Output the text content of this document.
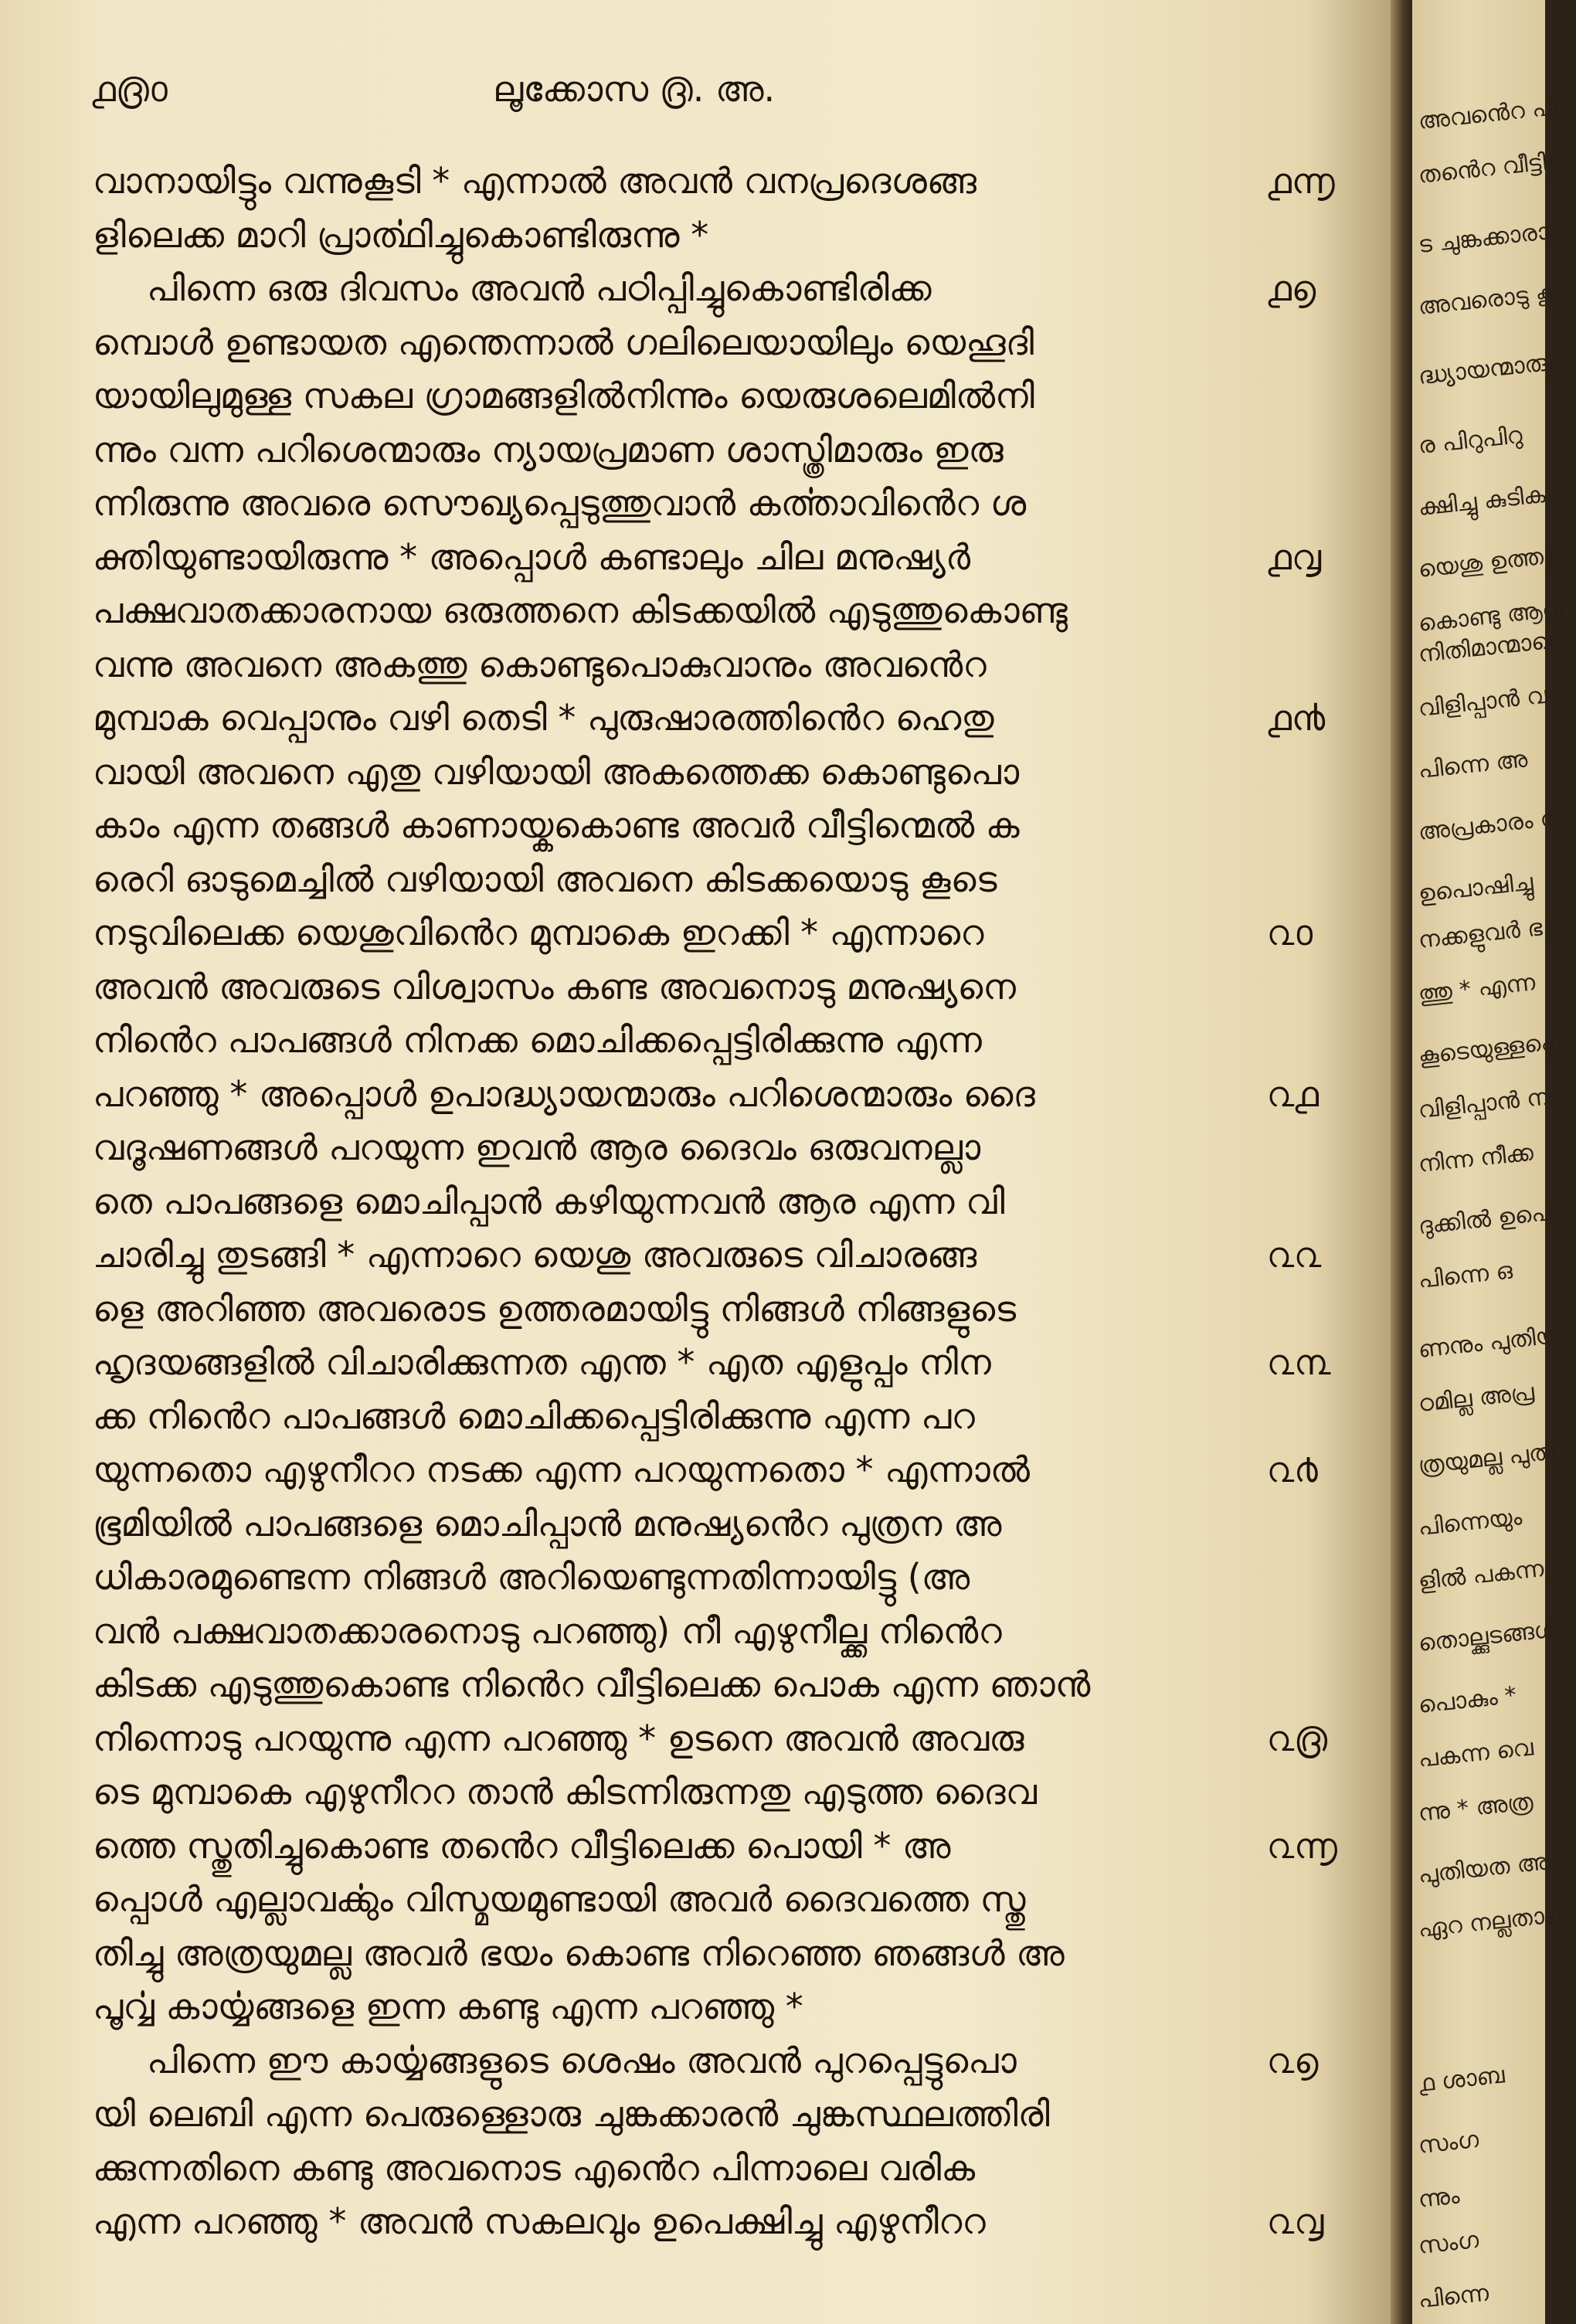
൧൫൦	ലൂക്കോസ ൫. അ.
വാനായിട്ടും വന്നുകൂടി * എന്നാൽ അവൻ വനപ്രദെശങ്ങ	൧൬
ളിലെക്ക മാറി പ്രാൎത്ഥിച്ചുകൊണ്ടിരുന്നു *
പിന്നെ ഒരു ദിവസം അവൻ പഠിപ്പിച്ചുകൊണ്ടിരിക്ക	൧൭
മ്പൊൾ ഉണ്ടായത എന്തെന്നാൽ ഗലിലെയായിലും യെഹൂദി
യായിലുമുള്ള സകല ഗ്രാമങ്ങളിൽനിന്നും യെരുശലെമിൽനി
ന്നും വന്ന പറിശെന്മാരും ന്യായപ്രമാണ ശാസ്ത്രിമാരും ഇരു
ന്നിരുന്നു അവരെ സൌഖ്യപ്പെടുത്തുവാൻ കൎത്താവിൻെറ ശ
ക്തിയുണ്ടായിരുന്നു * അപ്പൊൾ കണ്ടാലും ചില മനുഷ്യർ	൧൮
പക്ഷവാതക്കാരനായ ഒരുത്തനെ കിടക്കയിൽ എടുത്തുകൊണ്ടു
വന്നു അവനെ അകത്തു കൊണ്ടുപൊകുവാനും അവൻെറ
മുമ്പാക വെപ്പാനും വഴി തെടി * പുരുഷാരത്തിൻെറ ഹെതു	൧൯
വായി അവനെ എതു വഴിയായി അകത്തെക്ക കൊണ്ടുപൊ
കാം എന്ന തങ്ങൾ കാണായ്കകൊണ്ട അവർ വീട്ടിന്മെൽ ക
രെറി ഓടുമെച്ചിൽ വഴിയായി അവനെ കിടക്കയൊടു കൂടെ
നടുവിലെക്ക യെശുവിൻെറ മുമ്പാകെ ഇറക്കി * എന്നാറെ	൨൦
അവൻ അവരുടെ വിശ്വാസം കണ്ട അവനൊടു മനുഷ്യനെ
നിൻെറ പാപങ്ങൾ നിനക്ക മൊചിക്കപ്പെട്ടിരിക്കുന്നു എന്ന
പറഞ്ഞു * അപ്പൊൾ ഉപാദ്ധ്യായന്മാരും പറിശെന്മാരും ദൈ	൨൧
വദൂഷണങ്ങൾ പറയുന്ന ഇവൻ ആര ദൈവം ഒരുവനല്ലാ
തെ പാപങ്ങളെ മൊചിപ്പാൻ കഴിയുന്നവൻ ആര എന്ന വി
ചാരിച്ചു തുടങ്ങി * എന്നാറെ യെശു അവരുടെ വിചാരങ്ങ	൨൨
ളെ അറിഞ്ഞ അവരൊട ഉത്തരമായിട്ടു നിങ്ങൾ നിങ്ങളുടെ
ഹൃദയങ്ങളിൽ വിചാരിക്കുന്നത എന്ത * എത എളുപ്പം നിന	൨൩
ക്ക നിൻെറ പാപങ്ങൾ മൊചിക്കപ്പെട്ടിരിക്കുന്നു എന്ന പറ
യുന്നതൊ എഴുനീററ നടക്ക എന്ന പറയുന്നതൊ * എന്നാൽ	൨൪
ഭൂമിയിൽ പാപങ്ങളെ മൊചിപ്പാൻ മനുഷ്യൻെറ പുത്രന അ
ധികാരമുണ്ടെന്ന നിങ്ങൾ അറിയെണ്ടുന്നതിന്നായിട്ടു (അ
വൻ പക്ഷവാതക്കാരനൊടു പറഞ്ഞു) നീ എഴുനീല്ക്ക നിൻെറ
കിടക്ക എടുത്തുകൊണ്ട നിൻെറ വീട്ടിലെക്ക പൊക എന്ന ഞാൻ
നിന്നൊടു പറയുന്നു എന്ന പറഞ്ഞു * ഉടനെ അവൻ അവരു	൨൫
ടെ മുമ്പാകെ എഴുനീററ താൻ കിടന്നിരുന്നതു എടുത്ത ദൈവ
ത്തെ സ്തുതിച്ചുകൊണ്ട തൻെറ വീട്ടിലെക്ക പൊയി * അ	൨൬
പ്പൊൾ എല്ലാവൎക്കും വിസ്മയമുണ്ടായി അവർ ദൈവത്തെ സ്തു
തിച്ചു അത്രയുമല്ല അവർ ഭയം കൊണ്ട നിറെഞ്ഞ ഞങ്ങൾ അ
പൂൎവ്വ കാൎയ്യങ്ങളെ ഇന്ന കണ്ടു എന്ന പറഞ്ഞു *
പിന്നെ ഈ കാൎയ്യങ്ങളുടെ ശെഷം അവൻ പുറപ്പെട്ടുപൊ	൨൭
യി ലെബി എന്ന പെരുള്ളൊരു ചുങ്കക്കാരൻ ചുങ്കസ്ഥലത്തിരി
ക്കുന്നതിനെ കണ്ടു അവനൊട എൻെറ പിന്നാലെ വരിക
എന്ന പറഞ്ഞു * അവൻ സകലവും ഉപെക്ഷിച്ചു എഴുനീററ	൨൮
അവൻെറ പി
തൻെറ വീട്ടിൽ
ട ചുങ്കക്കാരാ
അവരൊടു കൂ
ദ്ധ്യായന്മാരും
ര പിറുപിറു
ക്ഷിച്ചു കുടിക
യെശു ഉത്തരമ
കൊണ്ടു ആവ
നിതിമാന്മാരെ
വിളിപ്പാൻ വ
പിന്നെ അ
അപ്രകാരം ത
ഉപൊഷിച്ചു
നക്കളുവർ ഭ
ത്തു * എന്ന
കൂടെയുള്ളപ്പൊ
വിളിപ്പാൻ ന
നിന്ന നീക്ക
ദുക്കിൽ ഉപെ
പിന്നെ ഒ
ണനും പുതിയ
ഠമില്ല അപ്ര
ത്രയുമല്ല പുതി
പിന്നെയും
ളിൽ പകന്ന
തൊല്ക്കുടങ്ങൾ
പൊകും *
പകന്ന വെ
ന്നു * അത്ര
പുതിയത അ
ഏറ നല്ലതാക
൧ ശാബ
സംഗ
ന്നും
സംഗ
പിന്നെ
